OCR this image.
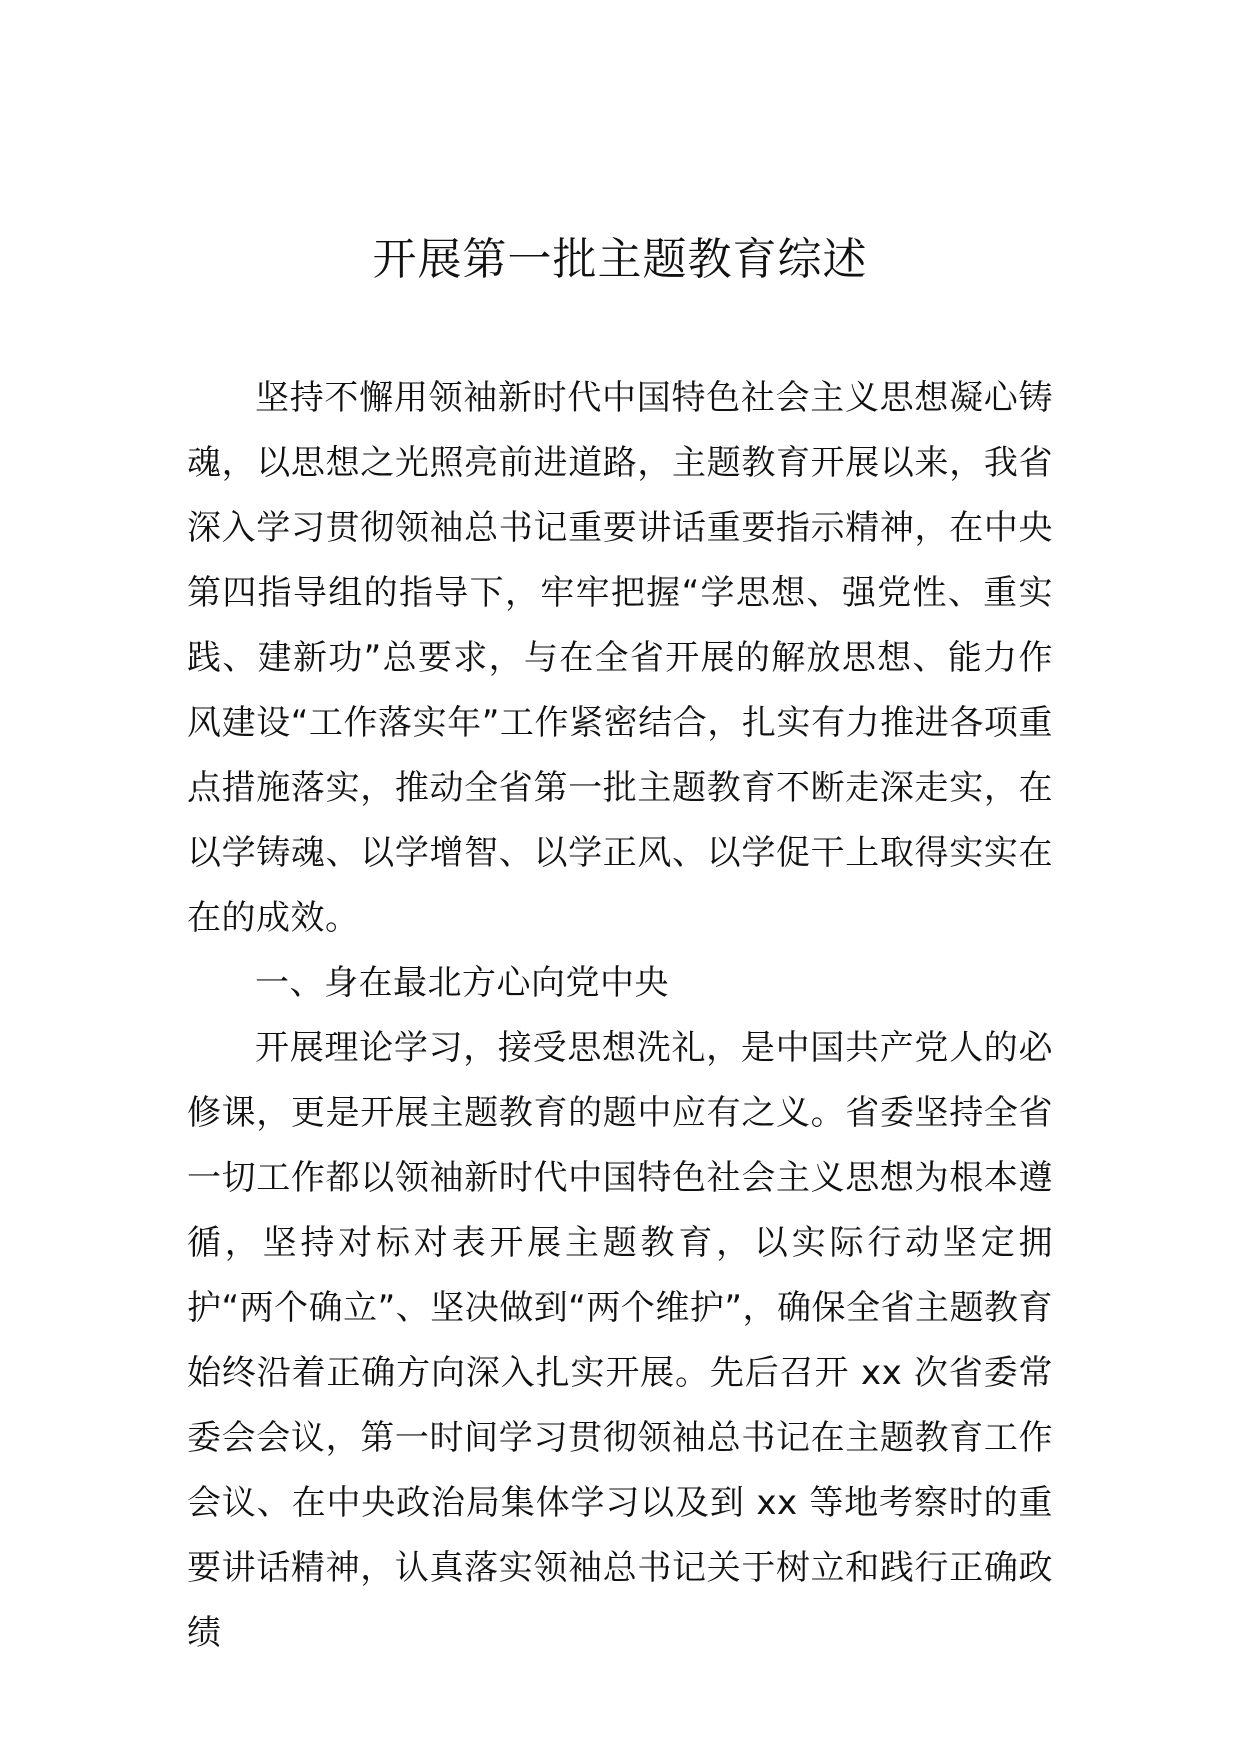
开展第一批主题教育综述

坚持不懈用领袖新时代中国特色社会主义思想凝心铸魂，以思想之光照亮前进道路，主题教育开展以来，我省深入学习贯彻领袖总书记重要讲话重要指示精神，在中央第四指导组的指导下，牢牢把握“学思想、强党性、重实践、建新功”总要求，与在全省开展的解放思想、能力作风建设“工作落实年”工作紧密结合，扎实有力推进各项重点措施落实，推动全省第一批主题教育不断走深走实，在以学铸魂、以学增智、以学正风、以学促干上取得实实在在的成效。

一、身在最北方心向党中央

开展理论学习，接受思想洗礼，是中国共产党人的必修课，更是开展主题教育的题中应有之义。省委坚持全省一切工作都以领袖新时代中国特色社会主义思想为根本遵循，坚持对标对表开展主题教育，以实际行动坚定拥护“两个确立”、坚决做到“两个维护”，确保全省主题教育始终沿着正确方向深入扎实开展。先后召开 xx 次省委常委会会议，第一时间学习贯彻领袖总书记在主题教育工作会议、在中央政治局集体学习以及到 xx 等地考察时的重要讲话精神，认真落实领袖总书记关于树立和践行正确政绩
